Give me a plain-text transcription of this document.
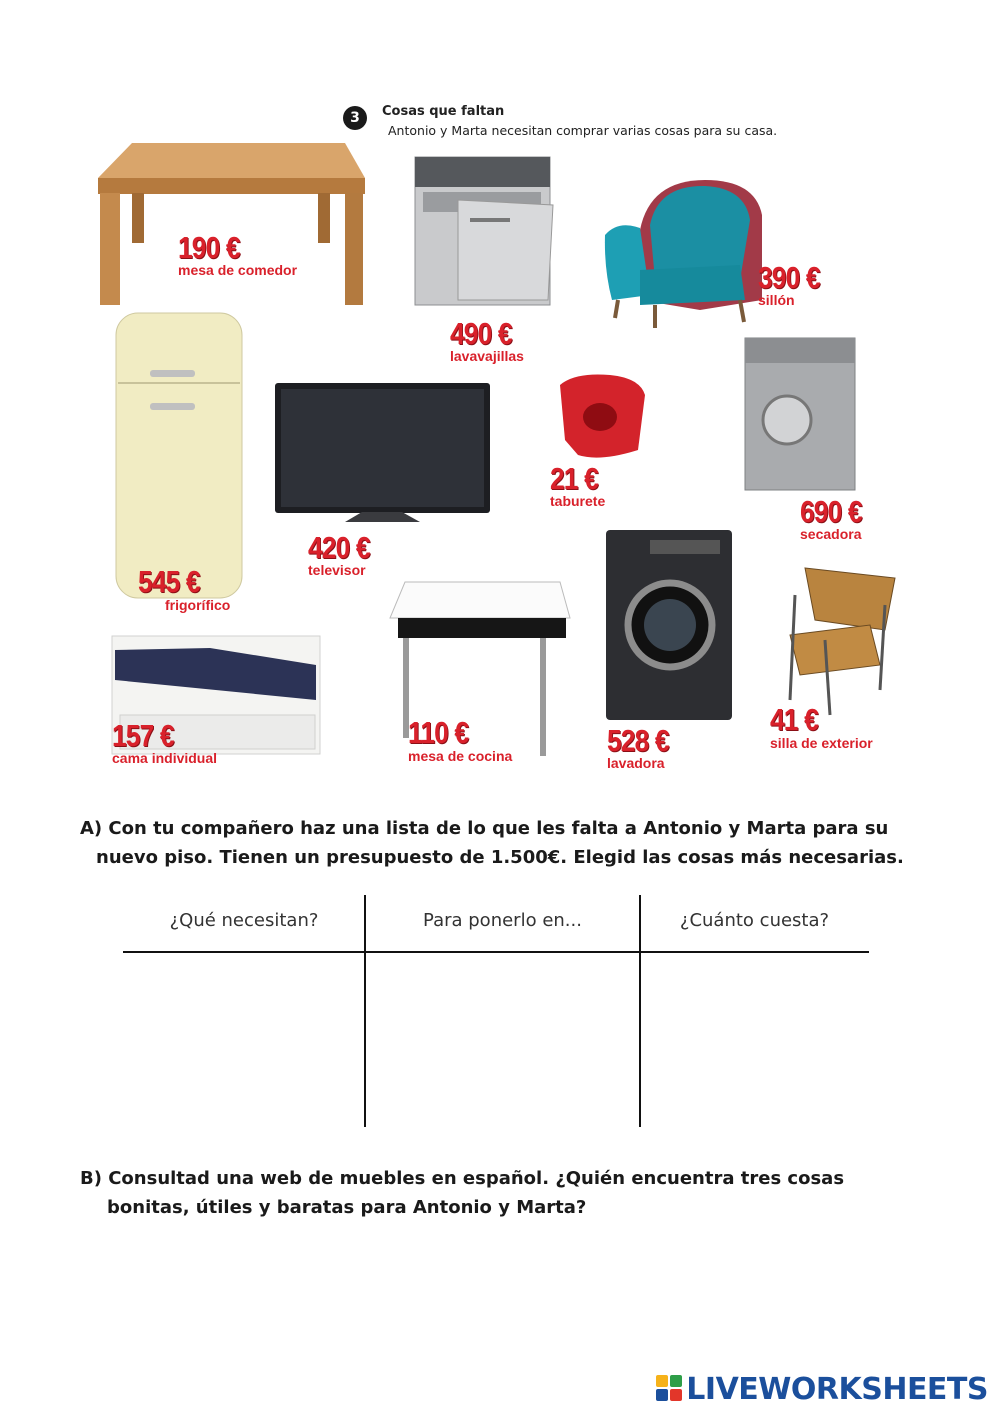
3	Cosas que faltan
Antonio y Marta necesitan comprar varias cosas para su casa.
190 €
mesa de comedor
490 €
lavavajillas
390 €
sillón
545 €
frigorífico
420 €
televisor
21 €
taburete	690 €
secadora
157 €
cama individual
110 €
mesa de cocina	528 €
lavadora
41 €
silla de exterior
A) Con tu compañero haz una lista de lo que les falta a Antonio y Marta para su
nuevo piso. Tienen un presupuesto de 1.500€. Elegid las cosas más necesarias.
¿Qué necesitan?	Para ponerlo en...	¿Cuánto cuesta?
B) Consultad una web de muebles en español. ¿Quién encuentra tres cosas
bonitas, útiles y baratas para Antonio y Marta?
LIVEWORKSHEETS
